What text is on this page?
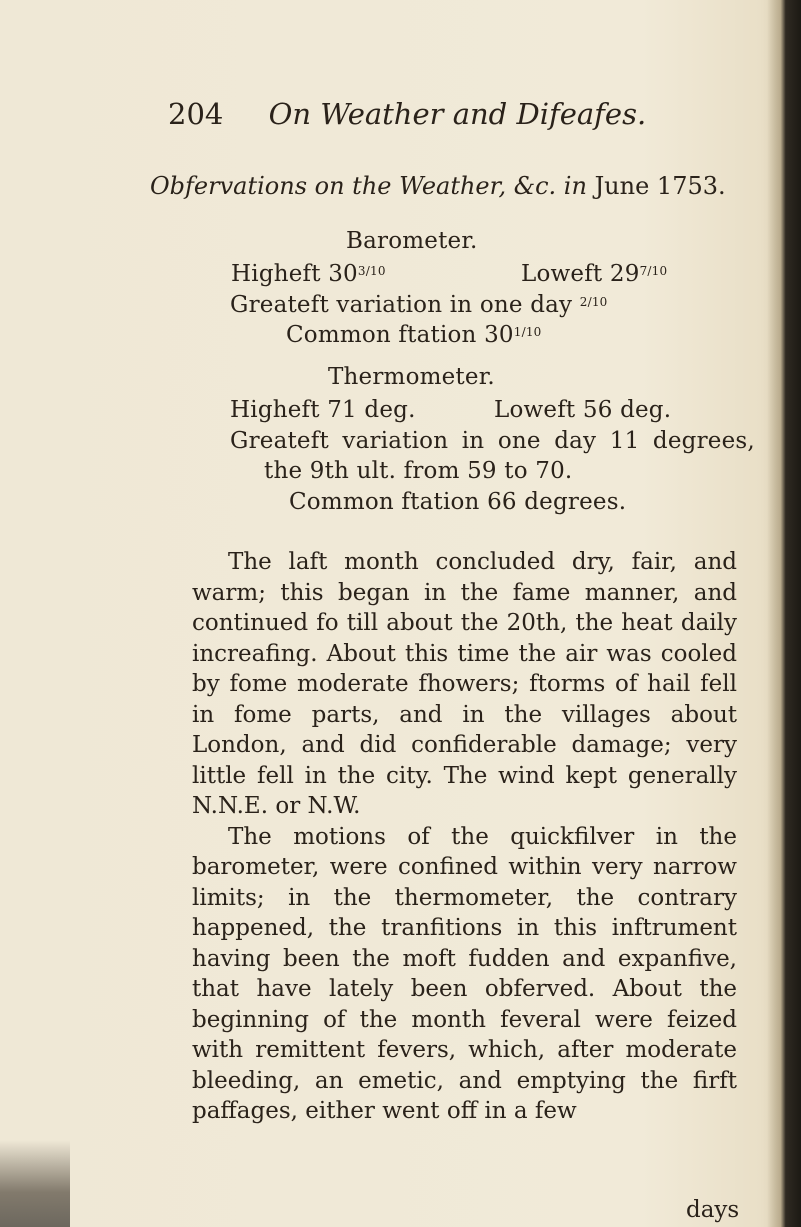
204 On Weather and Difeafes.
Obfervations on the Weather, &c. in June 1753.
Barometer.
Higheft $30^{3/10}$	Loweft $29^{7/10}$
Greateft variation in one day $^{2/10}$
Common ftation $30^{1/10}$
Thermometer.
Higheft 71 deg.	Loweft 56 deg.
Greateft variation in one day 11 degrees,
the 9th ult. from 59 to 70.
Common ftation 66 degrees.

The laft month concluded dry, fair, and warm; this began in the fame manner, and continued fo till about the 20th, the heat daily increafing. About this time the air was cooled by fome moderate fhowers; ftorms of hail fell in fome parts, and in the villages about London, and did confiderable damage; very little fell in the city. The wind kept generally N.N.E. or N.W.

The motions of the quickfilver in the barometer, were confined within very narrow limits; in the thermometer, the contrary happened, the tranfitions in this inftrument having been the moft fudden and expanfive, that have lately been obferved. About the beginning of the month feveral were feized with remittent fevers, which, after moderate bleeding, an emetic, and emptying the firft paffages, either went off in a few

days
